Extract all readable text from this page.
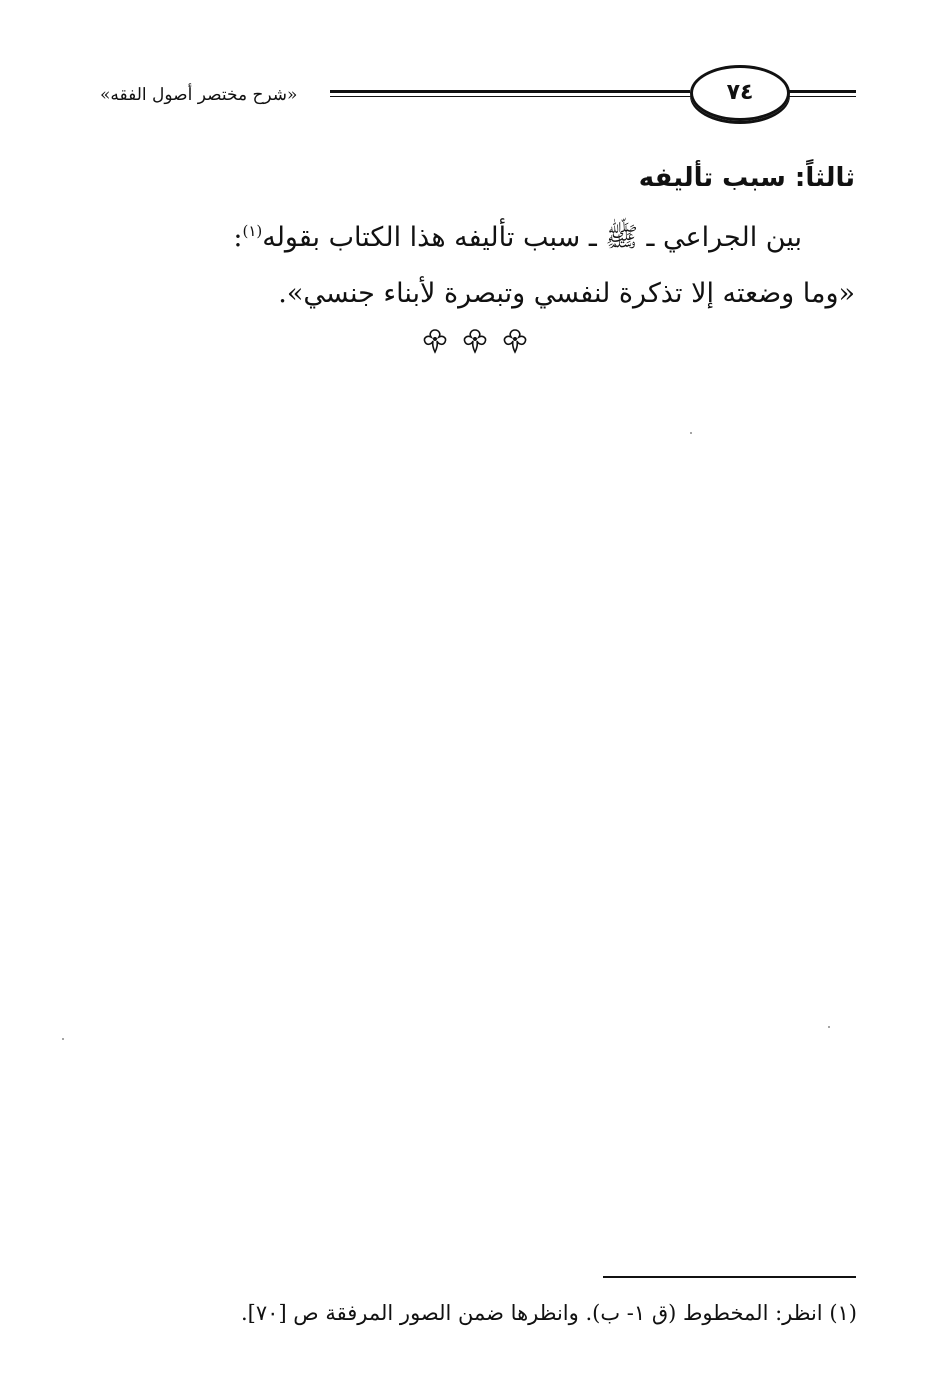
«شرح مختصر أصول الفقه»	٧٤
ثالثاً: سبب تأليفه
بين الجراعي ـ ﷺ ـ سبب تأليفه هذا الكتاب بقوله$^{(١)}$:
«وما وضعته إلا تذكرة لنفسي وتبصرة لأبناء جنسي».
(١) انظر: المخطوط (ق ١- ب). وانظرها ضمن الصور المرفقة ص [٧٠].
